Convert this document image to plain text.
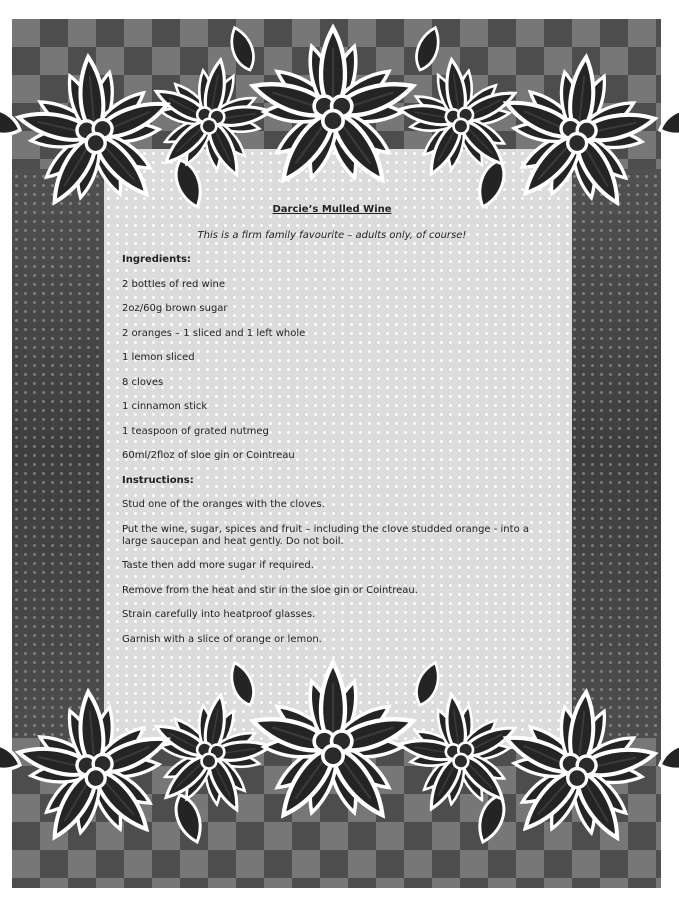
Darcie’s Mulled Wine

This is a firm family favourite – adults only, of course!

Ingredients:

2 bottles of red wine

2oz/60g brown sugar

2 oranges – 1 sliced and 1 left whole

1 lemon sliced

8 cloves

1 cinnamon stick

1 teaspoon of grated nutmeg

60ml/2floz of sloe gin or Cointreau

Instructions:

Stud one of the oranges with the cloves.

Put the wine, sugar, spices and fruit – including the clove studded orange - into a large saucepan and heat gently. Do not boil.

Taste then add more sugar if required.

Remove from the heat and stir in the sloe gin or Cointreau.

Strain carefully into heatproof glasses.

Garnish with a slice of orange or lemon.
